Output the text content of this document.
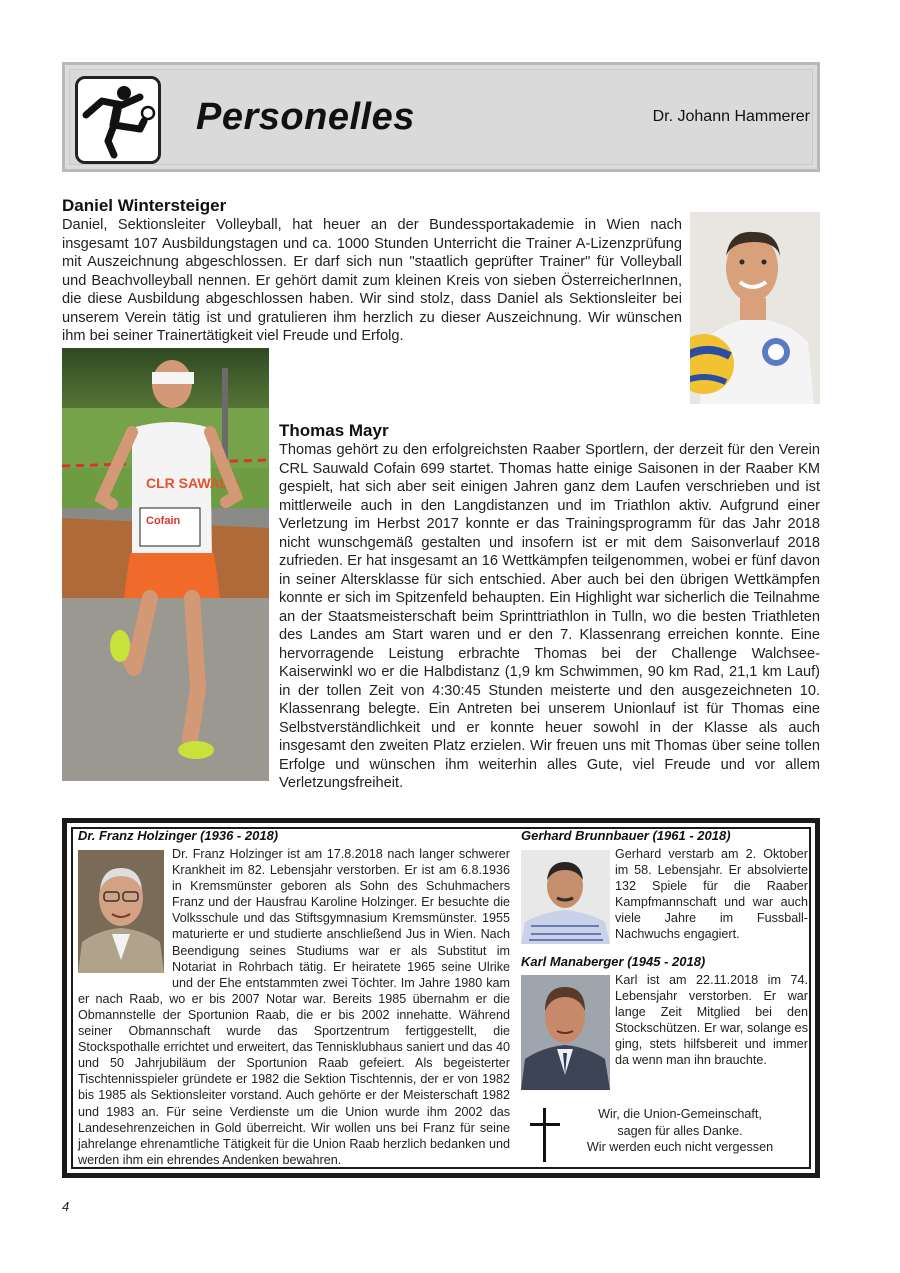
Personelles	Dr. Johann Hammerer
Daniel Wintersteiger

Daniel, Sektionsleiter Volleyball, hat heuer an der Bundessportakademie in Wien nach insgesamt 107 Ausbildungstagen und ca. 1000 Stunden Unterricht die Trainer A-Lizenzprüfung mit Auszeichnung abgeschlossen. Er darf sich nun "staatlich geprüfter Trainer" für Volleyball und Beachvolleyball nennen. Er gehört damit zum kleinen Kreis von sieben ÖsterreicherInnen, die diese Ausbildung abgeschlossen haben. Wir sind stolz, dass Daniel als Sektionsleiter bei unserem Verein tätig ist und gratulieren ihm herzlich zu dieser Auszeichnung. Wir wünschen ihm bei seiner Trainertätigkeit viel Freude und Erfolg.

CLR SAWALD
Cofain
Thomas Mayr

Thomas gehört zu den erfolgreichsten Raaber Sportlern, der derzeit für den Verein CRL Sauwald Cofain 699 startet. Thomas hatte einige Saisonen in der Raaber KM gespielt, hat sich aber seit einigen Jahren ganz dem Laufen verschrieben und ist mittlerweile auch in den Langdistanzen und im Triathlon aktiv. Aufgrund einer Verletzung im Herbst 2017 konnte er das Trainingsprogramm für das Jahr 2018 nicht wunschgemäß gestalten und insofern ist er mit dem Saisonverlauf 2018 zufrieden. Er hat insgesamt an 16 Wettkämpfen teilgenommen, wobei er fünf davon in seiner Altersklasse für sich entschied. Aber auch bei den übrigen Wettkämpfen konnte er sich im Spitzenfeld behaupten. Ein Highlight war sicherlich die Teilnahme an der Staatsmeisterschaft beim Sprinttriathlon in Tulln, wo die besten Triathleten des Landes am Start waren und er den 7. Klassenrang erreichen konnte. Eine hervorragende Leistung erbrachte Thomas bei der Challenge Walchsee-Kaiserwinkl wo er die Halbdistanz (1,9 km Schwimmen, 90 km Rad, 21,1 km Lauf) in der tollen Zeit von 4:30:45 Stunden meisterte und den ausgezeichneten 10. Klassenrang belegte. Ein Antreten bei unserem Unionlauf ist für Thomas eine Selbstverständlichkeit und er konnte heuer sowohl in der Klasse als auch insgesamt den zweiten Platz erzielen. Wir freuen uns mit Thomas über seine tollen Erfolge und wünschen ihm weiterhin alles Gute, viel Freude und vor allem Verletzungsfreiheit.

Dr. Franz Holzinger (1936 - 2018)

Dr. Franz Holzinger ist am 17.8.2018 nach langer schwerer Krankheit im 82. Lebensjahr verstorben. Er ist am 6.8.1936 in Kremsmünster geboren als Sohn des Schuhmachers Franz und der Hausfrau Karoline Holzinger. Er besuchte die Volksschule und das Stiftsgymnasium Kremsmünster. 1955 maturierte er und studierte anschließend Jus in Wien. Nach Beendigung seines Studiums war er als Substitut im Notariat in Rohrbach tätig. Er heiratete 1965 seine Ulrike und der Ehe entstammten zwei Töchter. Im Jahre 1980 kam er nach Raab, wo er bis 2007 Notar war. Bereits 1985 übernahm er die Obmannstelle der Sportunion Raab, die er bis 2002 innehatte. Während seiner Obmannschaft wurde das Sportzentrum fertiggestellt, die Stockspothalle errichtet und erweitert, das Tennisklubhaus saniert und das 40 und 50 Jahrjubiläum der Sportunion Raab gefeiert. Als begeisterter Tischtennisspieler gründete er 1982 die Sektion Tischtennis, der er von 1982 bis 1985 als Sektionsleiter vorstand. Auch gehörte er der Meisterschaft 1982 und 1983 an. Für seine Verdienste um die Union wurde ihm 2002 das Landesehrenzeichen in Gold überreicht. Wir wollen uns bei Franz für seine jahrelange ehrenamtliche Tätigkeit für die Union Raab herzlich bedanken und werden ihm ein ehrendes Andenken bewahren.

Gerhard Brunnbauer (1961 - 2018)

Gerhard verstarb am 2. Oktober im 58. Lebensjahr. Er absolvierte 132 Spiele für die Raaber Kampfmannschaft und war auch viele Jahre im Fussball-Nachwuchs engagiert.

Karl Manaberger (1945 - 2018)

Karl ist am 22.11.2018 im 74. Lebensjahr verstorben. Er war lange Zeit Mitglied bei den Stockschützen. Er war, solange es ging, stets hilfsbereit und immer da wenn man ihn brauchte.

Wir, die Union-Gemeinschaft,
sagen für alles Danke.
Wir werden euch nicht vergessen
4
